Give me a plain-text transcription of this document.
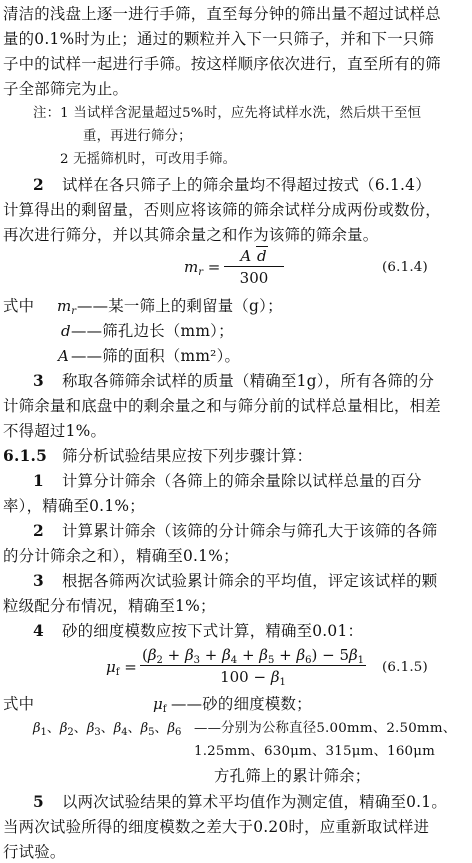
清洁的浅盘上逐一进行手筛，直至每分钟的筛出量不超过试样总
量的0.1%时为止；通过的颗粒并入下一只筛子，并和下一只筛
子中的试样一起进行手筛。按这样顺序依次进行，直至所有的筛
子全部筛完为止。
注：1 当试样含泥量超过5%时，应先将试样水洗，然后烘干至恒
重，再进行筛分；
2 无摇筛机时，可改用手筛。
2 试样在各只筛子上的筛余量均不得超过按式（6.1.4）
计算得出的剩留量，否则应将该筛的筛余试样分成两份或数份，
再次进行筛分，并以其筛余量之和作为该筛的筛余量。
$m_r$ =
A d
300
(6.1.4)
式中 $m_r$ ——某一筛上的剩留量（g）；
d ——筛孔边长（mm）；
A ——筛的面积（mm²）。
3 称取各筛筛余试样的质量（精确至1g），所有各筛的分
计筛余量和底盘中的剩余量之和与筛分前的试样总量相比，相差
不得超过1%。
6.1.5 筛分析试验结果应按下列步骤计算：
1 计算分计筛余（各筛上的筛余量除以试样总量的百分
率），精确至0.1%；
2 计算累计筛余（该筛的分计筛余与筛孔大于该筛的各筛
的分计筛余之和），精确至0.1%；
3 根据各筛两次试验累计筛余的平均值，评定该试样的颗
粒级配分布情况，精确至1%；
4 砂的细度模数应按下式计算，精确至0.01：
$\mu_f$ =
$(\beta_2 + \beta_3 + \beta_4 + \beta_5 + \beta_6) - 5\beta_1$
$100 - \beta_1$
(6.1.5)
式中	$\mu_f$ ——砂的细度模数；
$\beta_1$、$\beta_2$、$\beta_3$、$\beta_4$、$\beta_5$、$\beta_6$ ——分别为公称直径5.00mm、2.50mm、
1.25mm、630μm、315μm、160μm
方孔筛上的累计筛余；
5 以两次试验结果的算术平均值作为测定值，精确至0.1。
当两次试验所得的细度模数之差大于0.20时，应重新取试样进
行试验。
